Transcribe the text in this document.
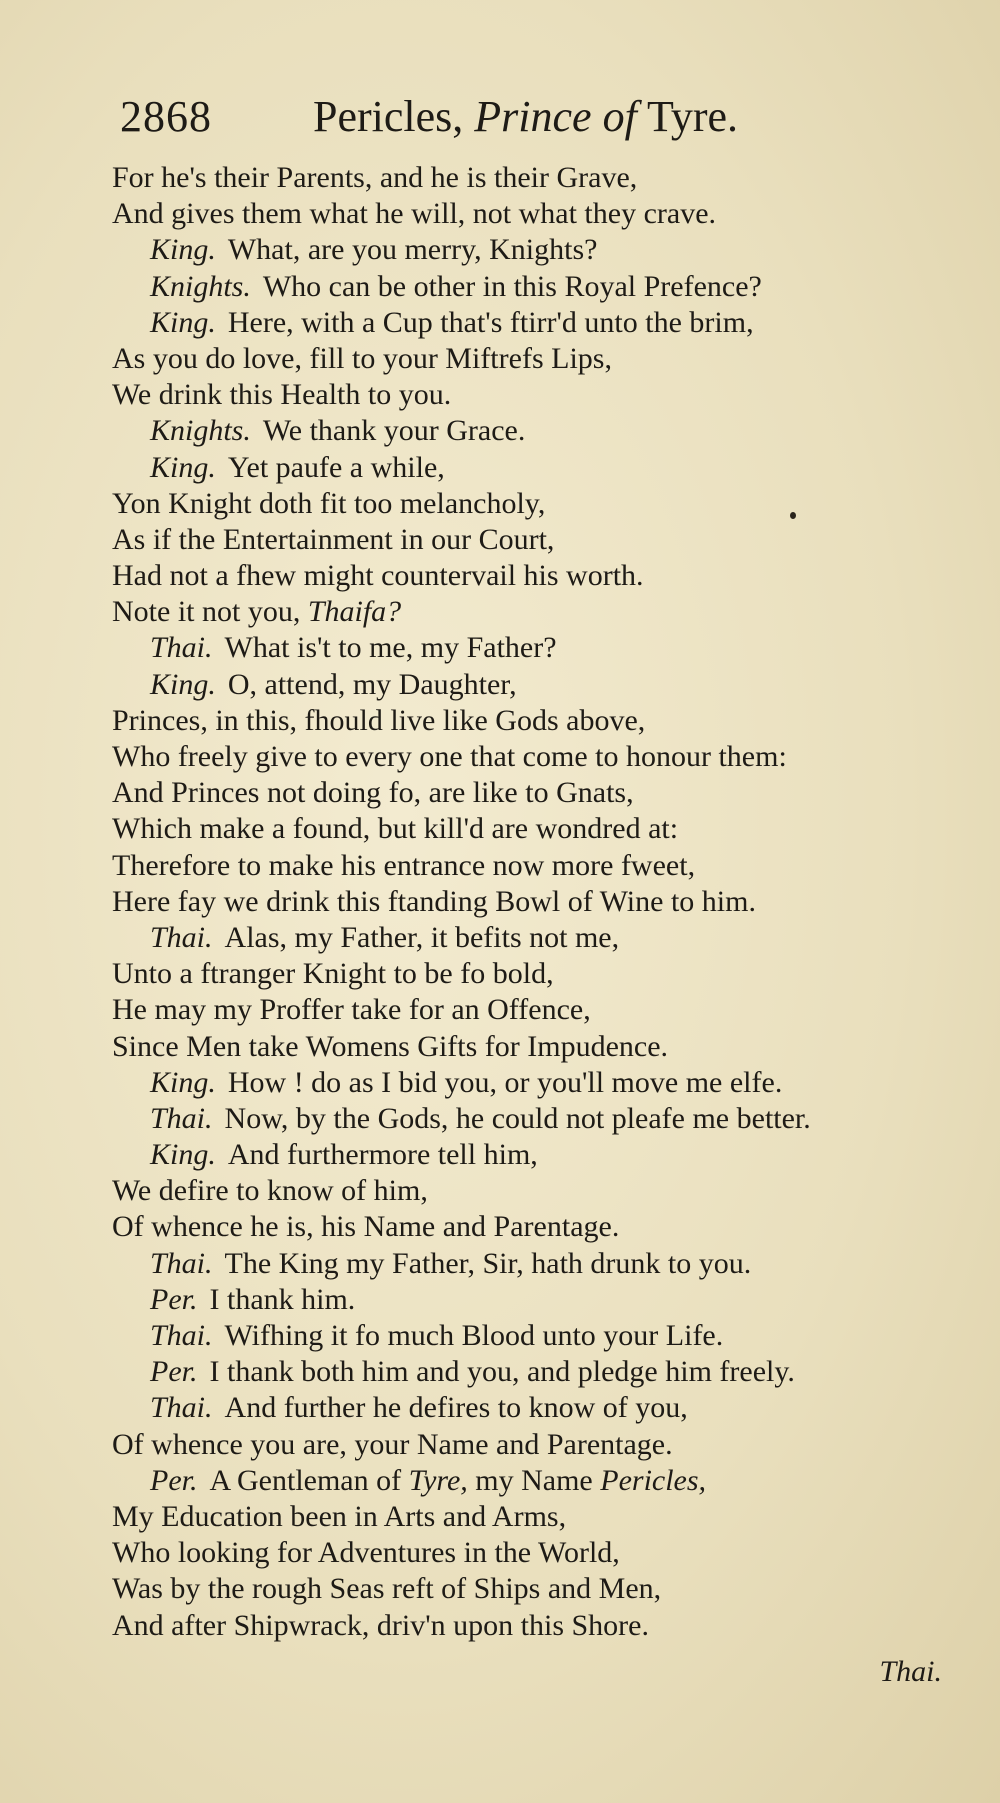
2868 Pericles, Prince of Tyre.
For he's their Parents, and he is their Grave,
And gives them what he will, not what they crave.
King. What, are you merry, Knights?
Knights. Who can be other in this Royal Prefence?
King. Here, with a Cup that's ftirr'd unto the brim,
As you do love, fill to your Miftrefs Lips,
We drink this Health to you.
Knights. We thank your Grace.
King. Yet paufe a while,
Yon Knight doth fit too melancholy,
As if the Entertainment in our Court,
Had not a fhew might countervail his worth.
Note it not you, Thaifa?
Thai. What is't to me, my Father?
King. O, attend, my Daughter,
Princes, in this, fhould live like Gods above,
Who freely give to every one that come to honour them:
And Princes not doing fo, are like to Gnats,
Which make a found, but kill'd are wondred at:
Therefore to make his entrance now more fweet,
Here fay we drink this ftanding Bowl of Wine to him.
Thai. Alas, my Father, it befits not me,
Unto a ftranger Knight to be fo bold,
He may my Proffer take for an Offence,
Since Men take Womens Gifts for Impudence.
King. How ! do as I bid you, or you'll move me elfe.
Thai. Now, by the Gods, he could not pleafe me better.
King. And furthermore tell him,
We defire to know of him,
Of whence he is, his Name and Parentage.
Thai. The King my Father, Sir, hath drunk to you.
Per. I thank him.
Thai. Wifhing it fo much Blood unto your Life.
Per. I thank both him and you, and pledge him freely.
Thai. And further he defires to know of you,
Of whence you are, your Name and Parentage.
Per. A Gentleman of Tyre, my Name Pericles,
My Education been in Arts and Arms,
Who looking for Adventures in the World,
Was by the rough Seas reft of Ships and Men,
And after Shipwrack, driv'n upon this Shore.
Thai.
